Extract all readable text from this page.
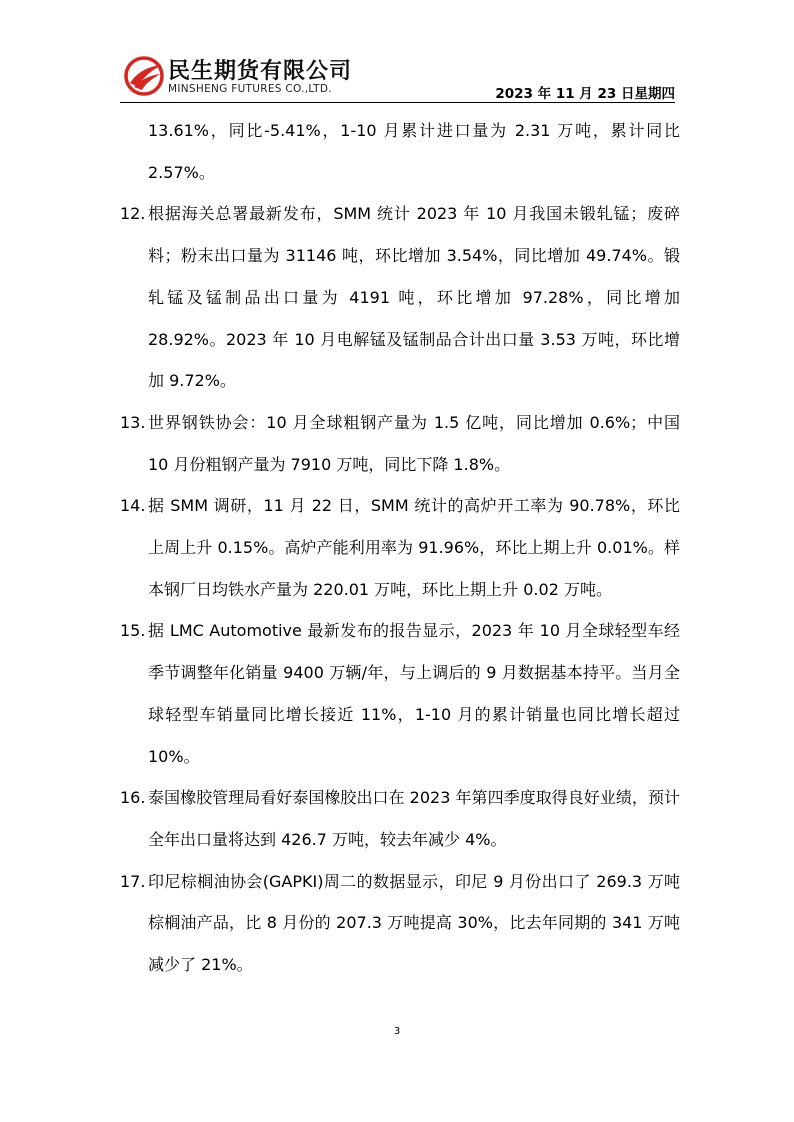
民生期货有限公司
MINSHENG FUTURES CO.,LTD.	2023 年 11 月 23 日星期四
13.61%，同比-5.41%，1-10 月累计进口量为 2.31 万吨，累计同比 2.57%。
12. 根据海关总署最新发布，SMM 统计 2023 年 10 月我国未锻轧锰；废碎料；粉末出口量为 31146 吨，环比增加 3.54%，同比增加 49.74%。锻轧锰及锰制品出口量为 4191 吨，环比增加 97.28%，同比增加 28.92%。2023 年 10 月电解锰及锰制品合计出口量 3.53 万吨，环比增加 9.72%。
13. 世界钢铁协会：10 月全球粗钢产量为 1.5 亿吨，同比增加 0.6%；中国 10 月份粗钢产量为 7910 万吨，同比下降 1.8%。
14. 据 SMM 调研，11 月 22 日，SMM 统计的高炉开工率为 90.78%，环比上周上升 0.15%。高炉产能利用率为 91.96%，环比上期上升 0.01%。样本钢厂日均铁水产量为 220.01 万吨，环比上期上升 0.02 万吨。
15. 据 LMC Automotive 最新发布的报告显示，2023 年 10 月全球轻型车经季节调整年化销量 9400 万辆/年，与上调后的 9 月数据基本持平。当月全球轻型车销量同比增长接近 11%，1-10 月的累计销量也同比增长超过 10%。
16. 泰国橡胶管理局看好泰国橡胶出口在 2023 年第四季度取得良好业绩，预计全年出口量将达到 426.7 万吨，较去年减少 4%。
17. 印尼棕榈油协会(GAPKI)周二的数据显示，印尼 9 月份出口了 269.3 万吨棕榈油产品，比 8 月份的 207.3 万吨提高 30%，比去年同期的 341 万吨减少了 21%。
3
